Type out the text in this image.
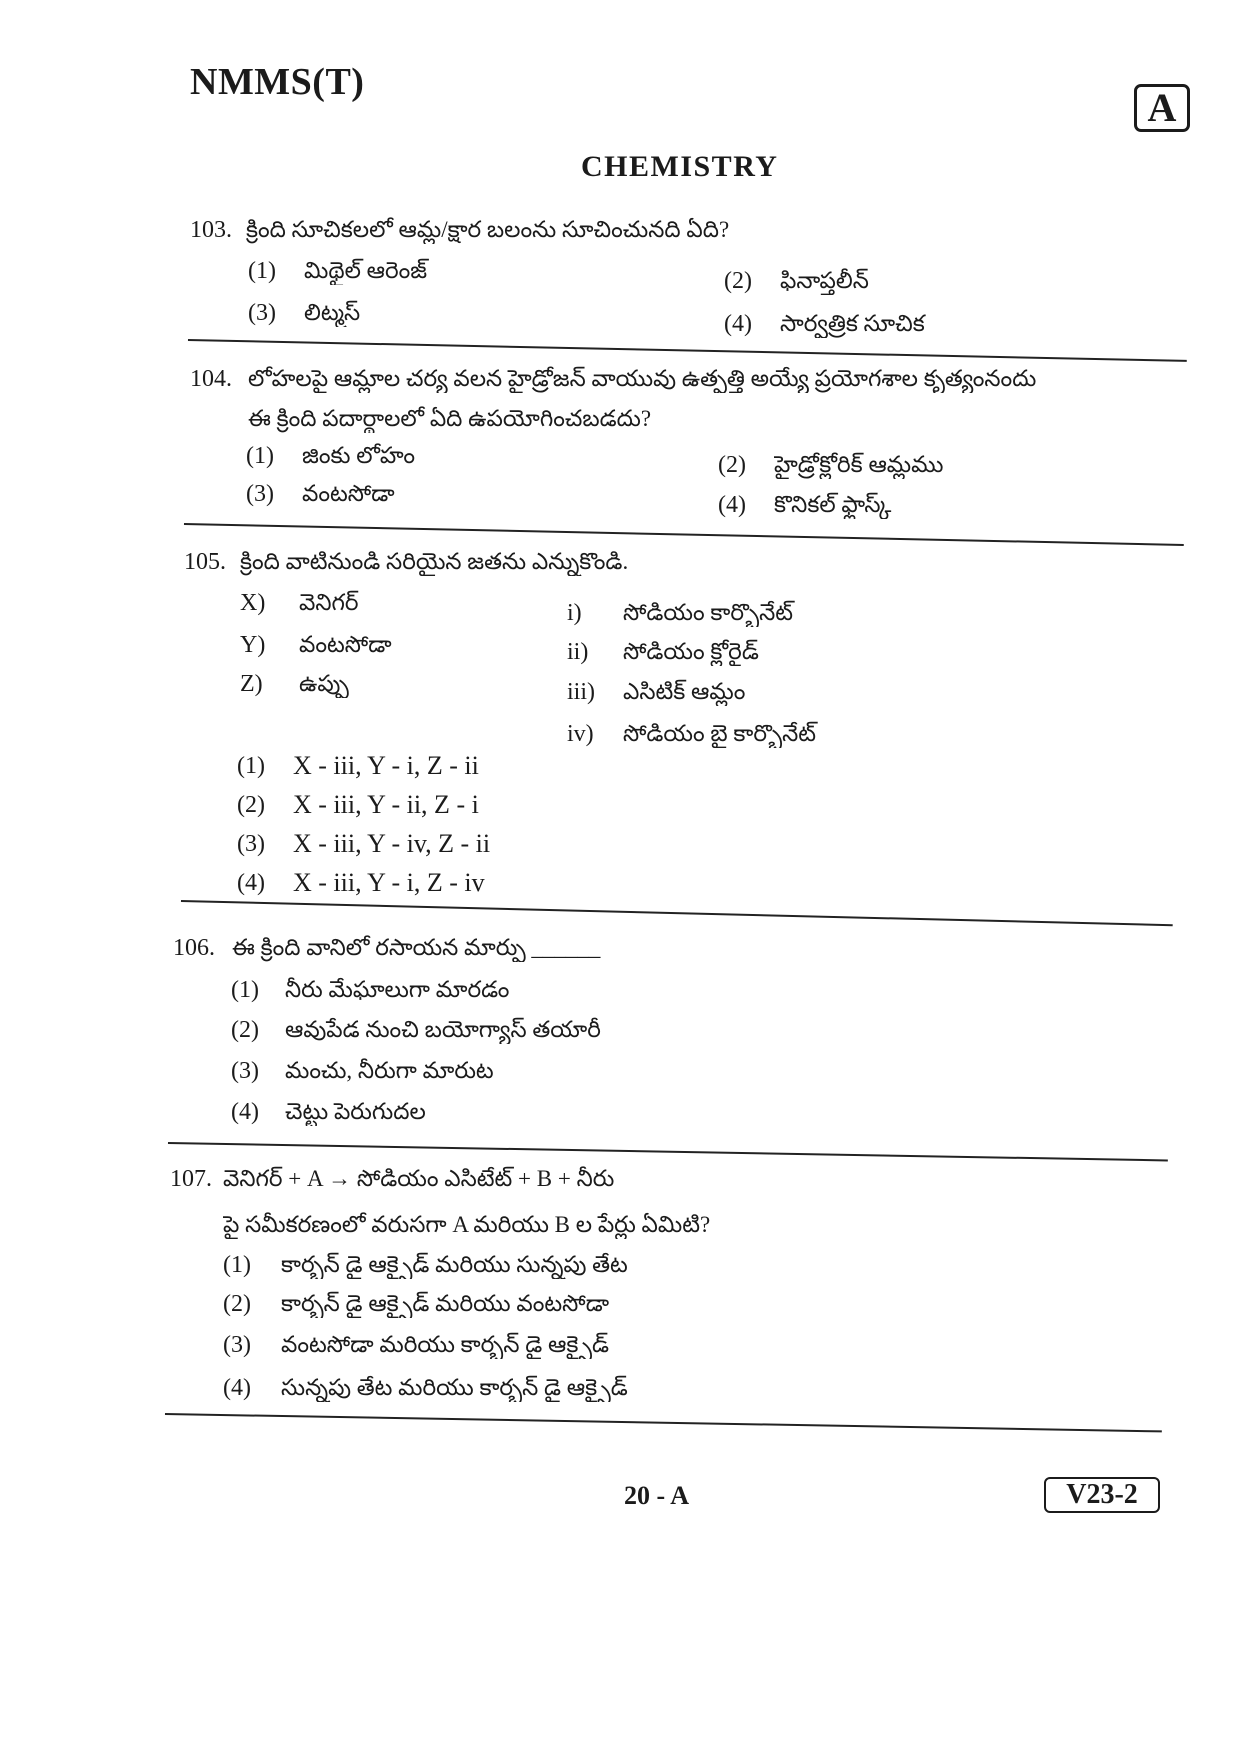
NMMS(T)
A
CHEMISTRY
103. క్రింది సూచికలలో ఆమ్ల/క్షార బలంను సూచించునది ఏది?
(1) మిథైల్ ఆరెంజ్	(2) ఫినాప్తలీన్
(3) లిట్మస్	(4) సార్వత్రిక సూచిక
104. లోహలపై ఆమ్లాల చర్య వలన హైడ్రోజన్ వాయువు ఉత్పత్తి అయ్యే ప్రయోగశాల కృత్యంనందు
ఈ క్రింది పదార్థాలలో ఏది ఉపయోగించబడదు?
(1) జింకు లోహం	(2) హైడ్రోక్లోరిక్ ఆమ్లము
(3) వంటసోడా	(4) కొనికల్ ఫ్లాస్క్
105. క్రింది వాటినుండి సరియైన జతను ఎన్నుకొండి.
X) వెనిగర్
Y) వంటసోడా
Z) ఉప్పు
i) సోడియం కార్బొనేట్
ii) సోడియం క్లోరైడ్
iii) ఎసిటిక్ ఆమ్లం
iv) సోడియం బై కార్బొనేట్
(1) X - iii, Y - i, Z - ii
(2) X - iii, Y - ii, Z - i
(3) X - iii, Y - iv, Z - ii
(4) X - iii, Y - i, Z - iv
106. ఈ క్రింది వానిలో రసాయన మార్పు ______
(1) నీరు మేఘాలుగా మారడం
(2) ఆవుపేడ నుంచి బయోగ్యాస్ తయారీ
(3) మంచు, నీరుగా మారుట
(4) చెట్టు పెరుగుదల
107. వెనిగర్ + A → సోడియం ఎసిటేట్ + B + నీరు
పై సమీకరణంలో వరుసగా A మరియు B ల పేర్లు ఏమిటి?
(1) కార్బన్ డై ఆక్సైడ్ మరియు సున్నపు తేట
(2) కార్బన్ డై ఆక్సైడ్ మరియు వంటసోడా
(3) వంటసోడా మరియు కార్బన్ డై ఆక్సైడ్
(4) సున్నపు తేట మరియు కార్బన్ డై ఆక్సైడ్
20 - A	V23-2
